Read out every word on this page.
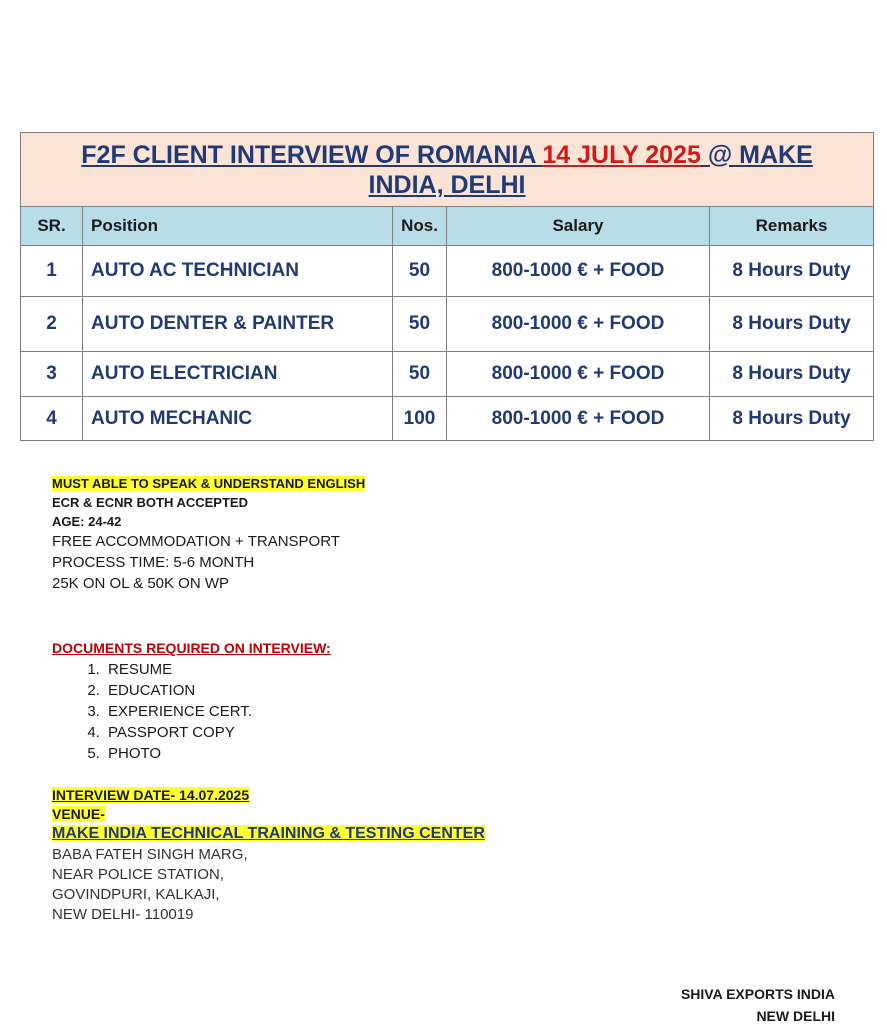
F2F CLIENT INTERVIEW OF ROMANIA 14 JULY 2025 @ MAKE INDIA, DELHI				

SR.	Position	Nos.	Salary	Remarks
1	AUTO AC TECHNICIAN	50	800-1000 € + FOOD	8 Hours Duty
2	AUTO DENTER & PAINTER	50	800-1000 € + FOOD	8 Hours Duty
3	AUTO ELECTRICIAN	50	800-1000 € + FOOD	8 Hours Duty
4	AUTO MECHANIC	100	800-1000 € + FOOD	8 Hours Duty
MUST ABLE TO SPEAK & UNDERSTAND ENGLISH
ECR & ECNR BOTH ACCEPTED
AGE: 24-42
FREE ACCOMMODATION + TRANSPORT
PROCESS TIME: 5-6 MONTH
25K ON OL & 50K ON WP
DOCUMENTS REQUIRED ON INTERVIEW:
1. RESUME
2. EDUCATION
3. EXPERIENCE CERT.
4. PASSPORT COPY
5. PHOTO
INTERVIEW DATE- 14.07.2025
VENUE-
MAKE INDIA TECHNICAL TRAINING & TESTING CENTER
BABA FATEH SINGH MARG,
NEAR POLICE STATION,
GOVINDPURI, KALKAJI,
NEW DELHI- 110019
SHIVA EXPORTS INDIA
NEW DELHI
